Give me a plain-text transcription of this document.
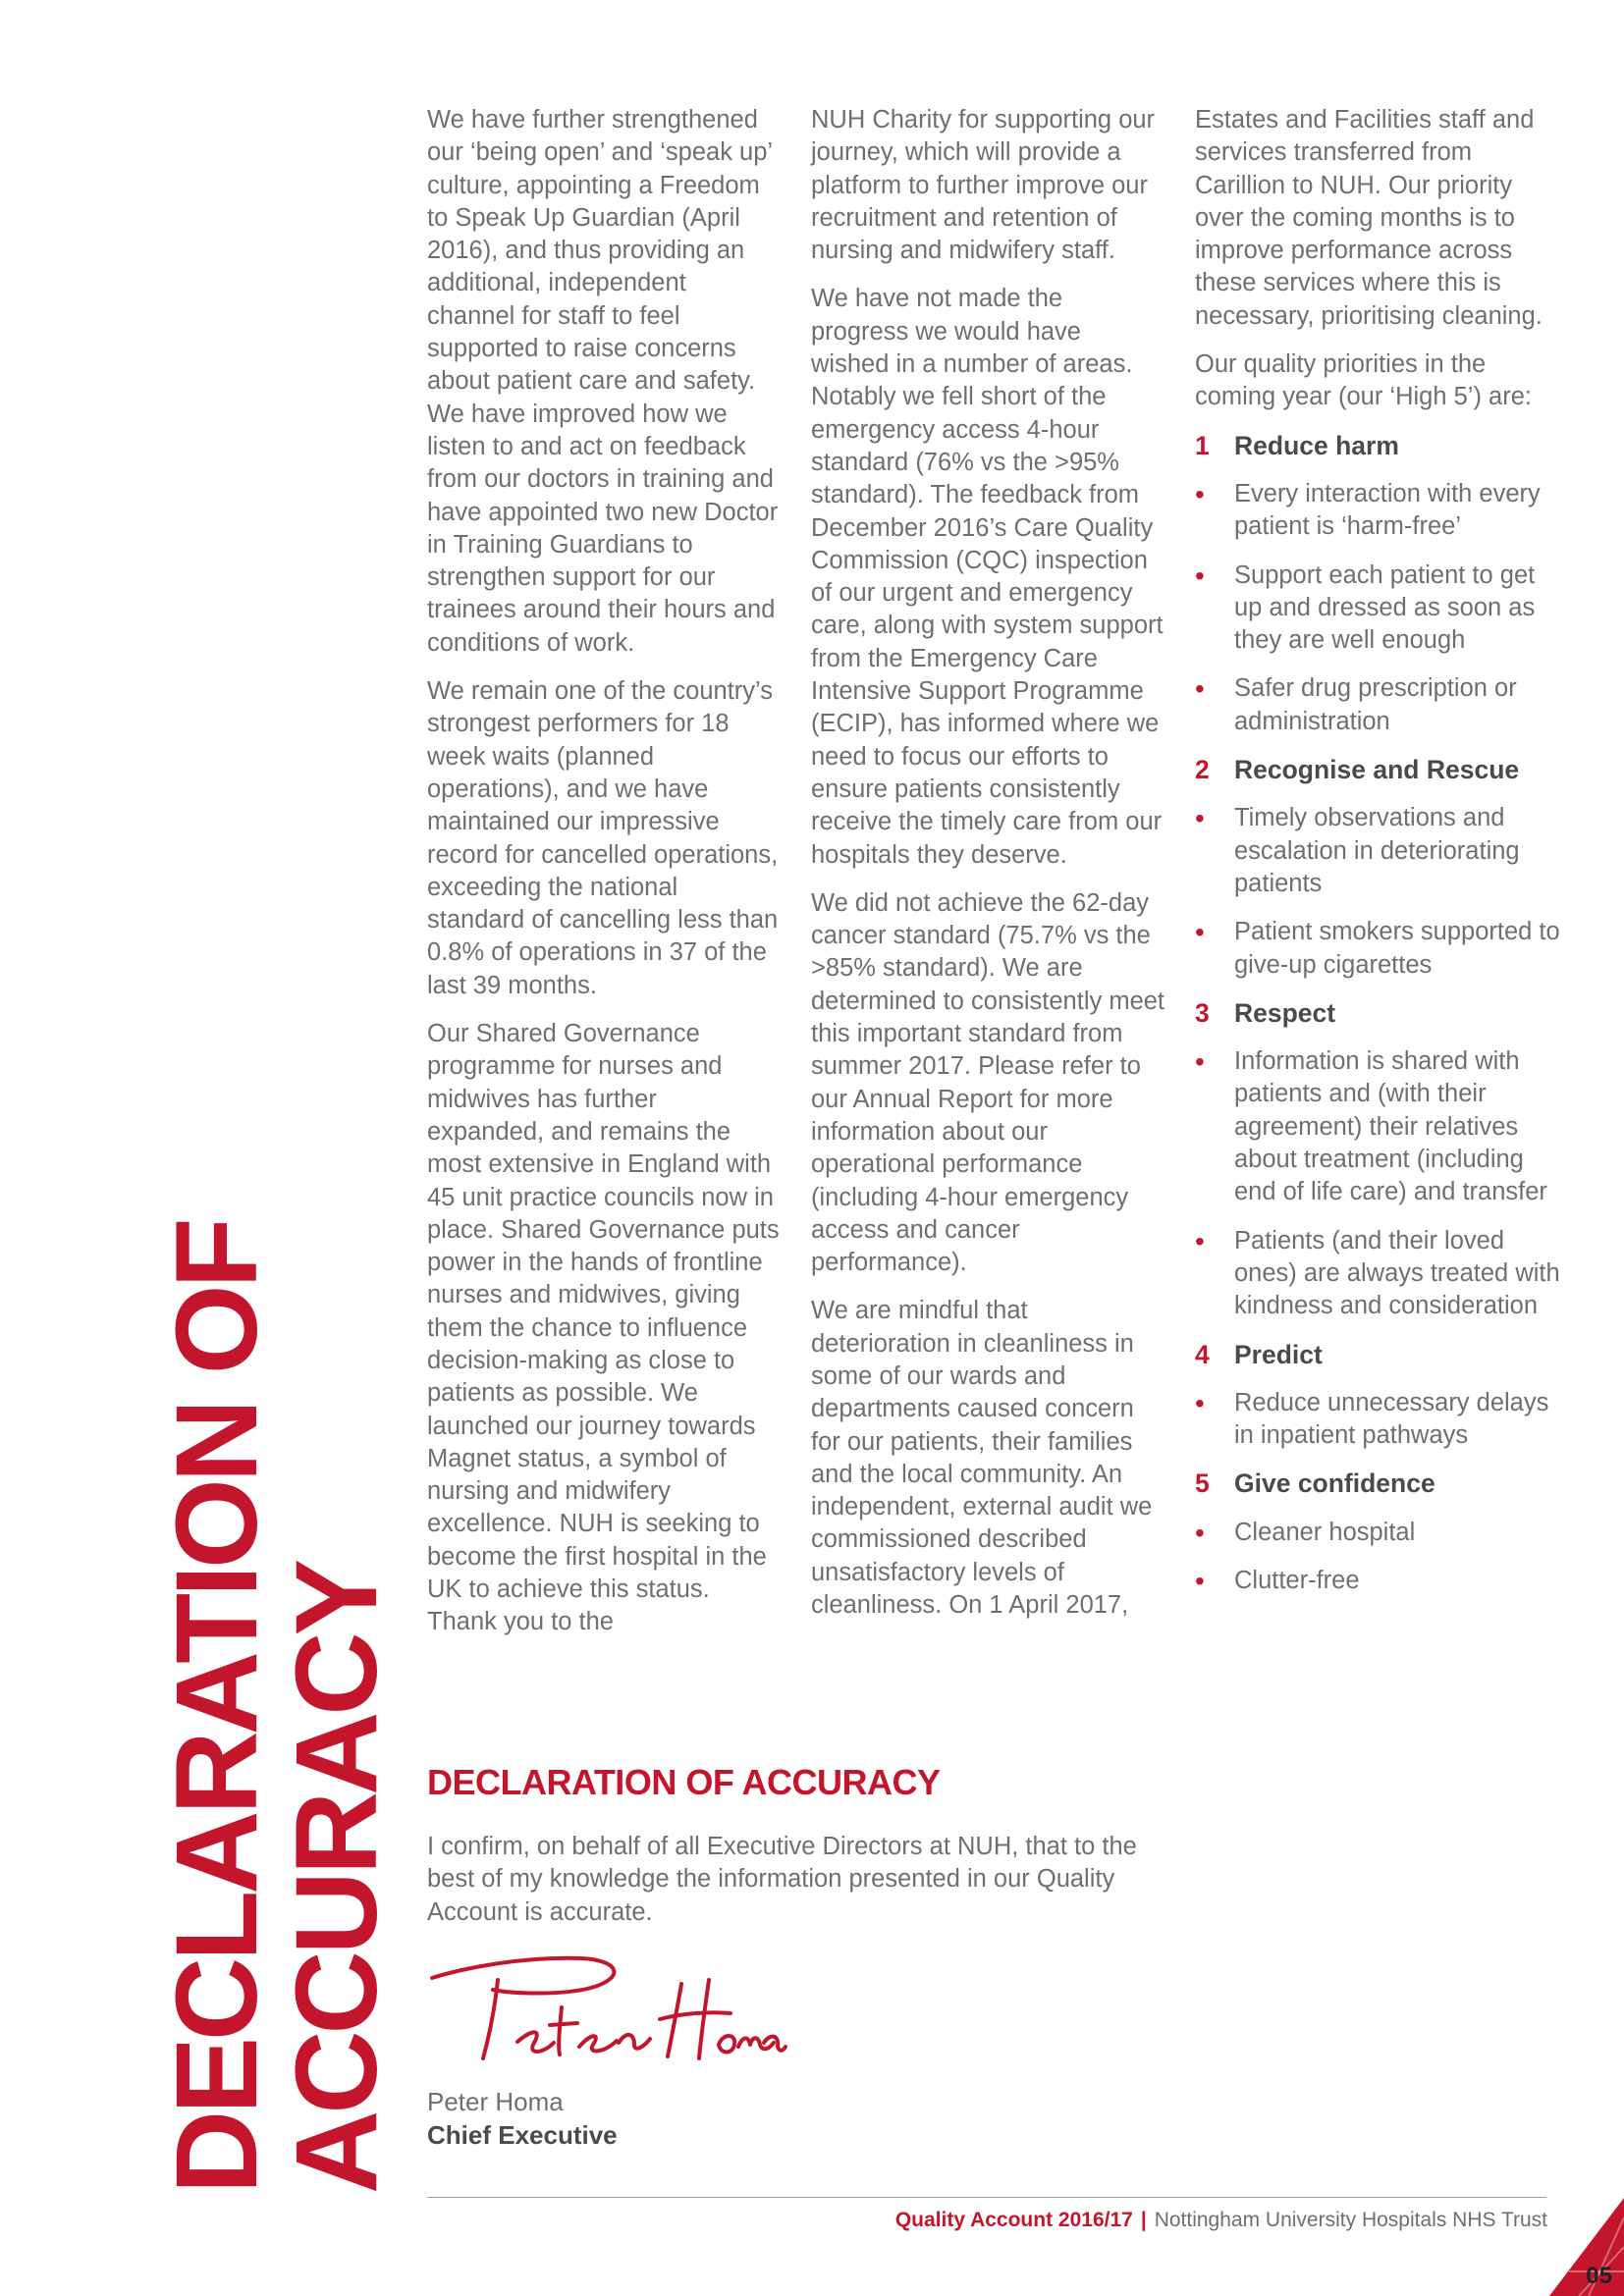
DECLARATION OF
ACCURACY

We have further strengthened our ‘being open’ and ‘speak up’ culture, appointing a Freedom to Speak Up Guardian (April 2016), and thus providing an additional, independent channel for staff to feel supported to raise concerns about patient care and safety. We have improved how we listen to and act on feedback from our doctors in training and have appointed two new Doctor in Training Guardians to strengthen support for our trainees around their hours and conditions of work.

We remain one of the country’s strongest performers for 18 week waits (planned operations), and we have maintained our impressive record for cancelled operations, exceeding the national standard of cancelling less than 0.8% of operations in 37 of the last 39 months.

Our Shared Governance programme for nurses and midwives has further expanded, and remains the most extensive in England with 45 unit practice councils now in place. Shared Governance puts power in the hands of frontline nurses and midwives, giving them the chance to influence decision-making as close to patients as possible. We launched our journey towards Magnet status, a symbol of nursing and midwifery excellence. NUH is seeking to become the first hospital in the UK to achieve this status. Thank you to the

NUH Charity for supporting our journey, which will provide a platform to further improve our recruitment and retention of nursing and midwifery staff.

We have not made the progress we would have wished in a number of areas. Notably we fell short of the emergency access 4-hour standard (76% vs the >95% standard). The feedback from December 2016’s Care Quality Commission (CQC) inspection of our urgent and emergency care, along with system support from the Emergency Care Intensive Support Programme (ECIP), has informed where we need to focus our efforts to ensure patients consistently receive the timely care from our hospitals they deserve.

We did not achieve the 62-day cancer standard (75.7% vs the >85% standard). We are determined to consistently meet this important standard from summer 2017. Please refer to our Annual Report for more information about our operational performance (including 4-hour emergency access and cancer performance).

We are mindful that deterioration in cleanliness in some of our wards and departments caused concern for our patients, their families and the local community. An independent, external audit we commissioned described unsatisfactory levels of cleanliness. On 1 April 2017,

Estates and Facilities staff and services transferred from Carillion to NUH. Our priority over the coming months is to improve performance across these services where this is necessary, prioritising cleaning.

Our quality priorities in the coming year (our ‘High 5’) are:

1 Reduce harm
•	Every interaction with every patient is ‘harm-free’
•	Support each patient to get up and dressed as soon as they are well enough
•	Safer drug prescription or administration
2 Recognise and Rescue
•	Timely observations and escalation in deteriorating patients
•	Patient smokers supported to give-up cigarettes
3 Respect
•	Information is shared with patients and (with their agreement) their relatives about treatment (including end of life care) and transfer
•	Patients (and their loved ones) are always treated with kindness and consideration
4 Predict
•	Reduce unnecessary delays in inpatient pathways
5 Give confidence
•	Cleaner hospital
•	Clutter-free
DECLARATION OF ACCURACY

I confirm, on behalf of all Executive Directors at NUH, that to the best of my knowledge the information presented in our Quality Account is accurate.

Peter Homa
Chief Executive
Quality Account 2016/17 | Nottingham University Hospitals NHS Trust
05
